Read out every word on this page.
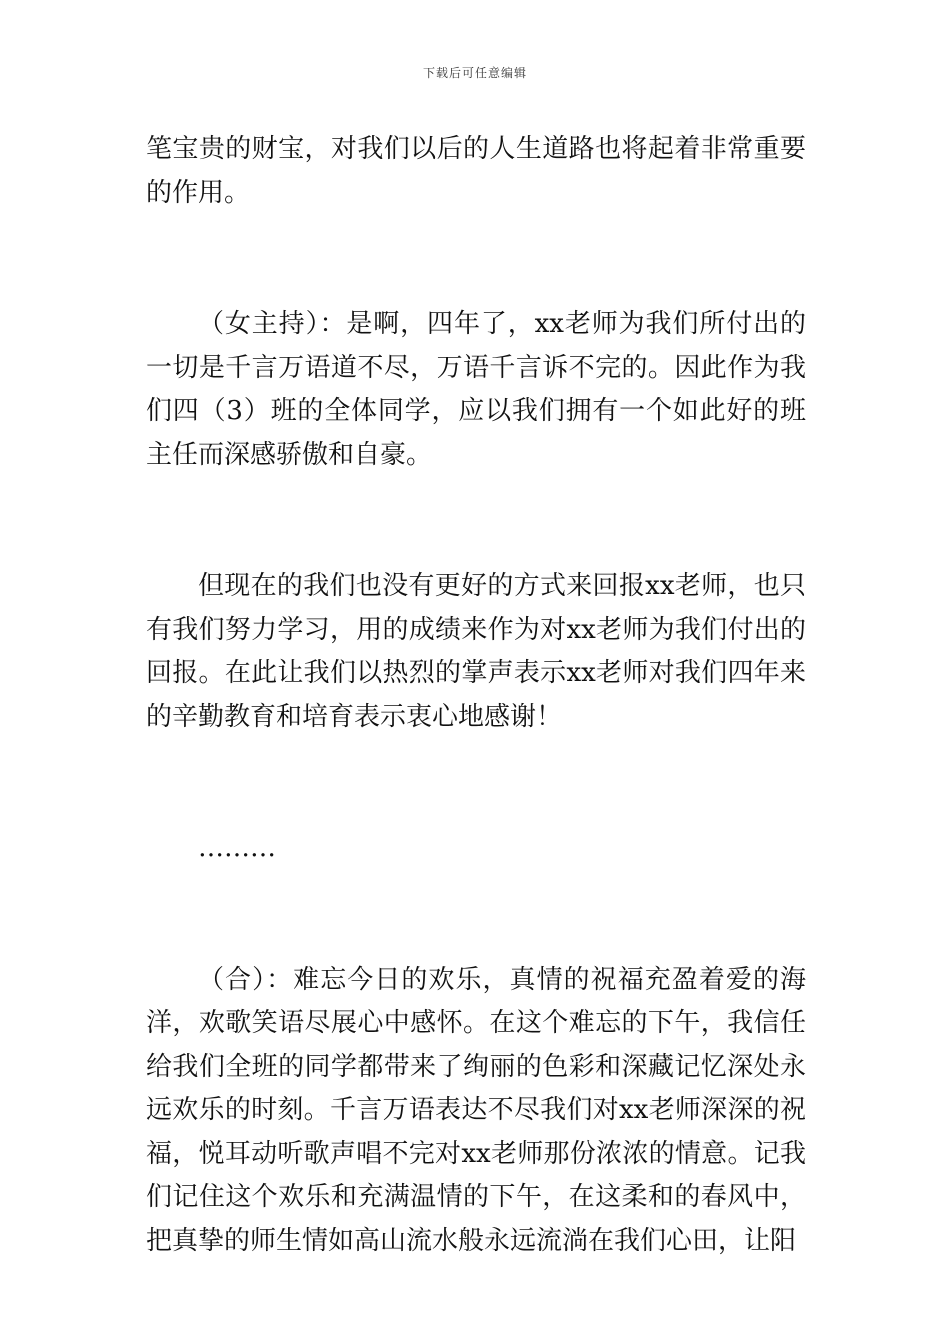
下载后可任意编辑

笔宝贵的财宝，对我们以后的人生道路也将起着非常重要的作用。

（女主持）：是啊，四年了，xx老师为我们所付出的一切是千言万语道不尽，万语千言诉不完的。因此作为我们四（3）班的全体同学，应以我们拥有一个如此好的班主任而深感骄傲和自豪。

但现在的我们也没有更好的方式来回报xx老师，也只有我们努力学习，用的成绩来作为对xx老师为我们付出的回报。在此让我们以热烈的掌声表示xx老师对我们四年来的辛勤教育和培育表示衷心地感谢！

………

（合）：难忘今日的欢乐，真情的祝福充盈着爱的海洋，欢歌笑语尽展心中感怀。在这个难忘的下午，我信任给我们全班的同学都带来了绚丽的色彩和深藏记忆深处永远欢乐的时刻。千言万语表达不尽我们对xx老师深深的祝福，悦耳动听歌声唱不完对xx老师那份浓浓的情意。记我们记住这个欢乐和充满温情的下午，在这柔和的春风中，把真挚的师生情如高山流水般永远流淌在我们心田，让阳
